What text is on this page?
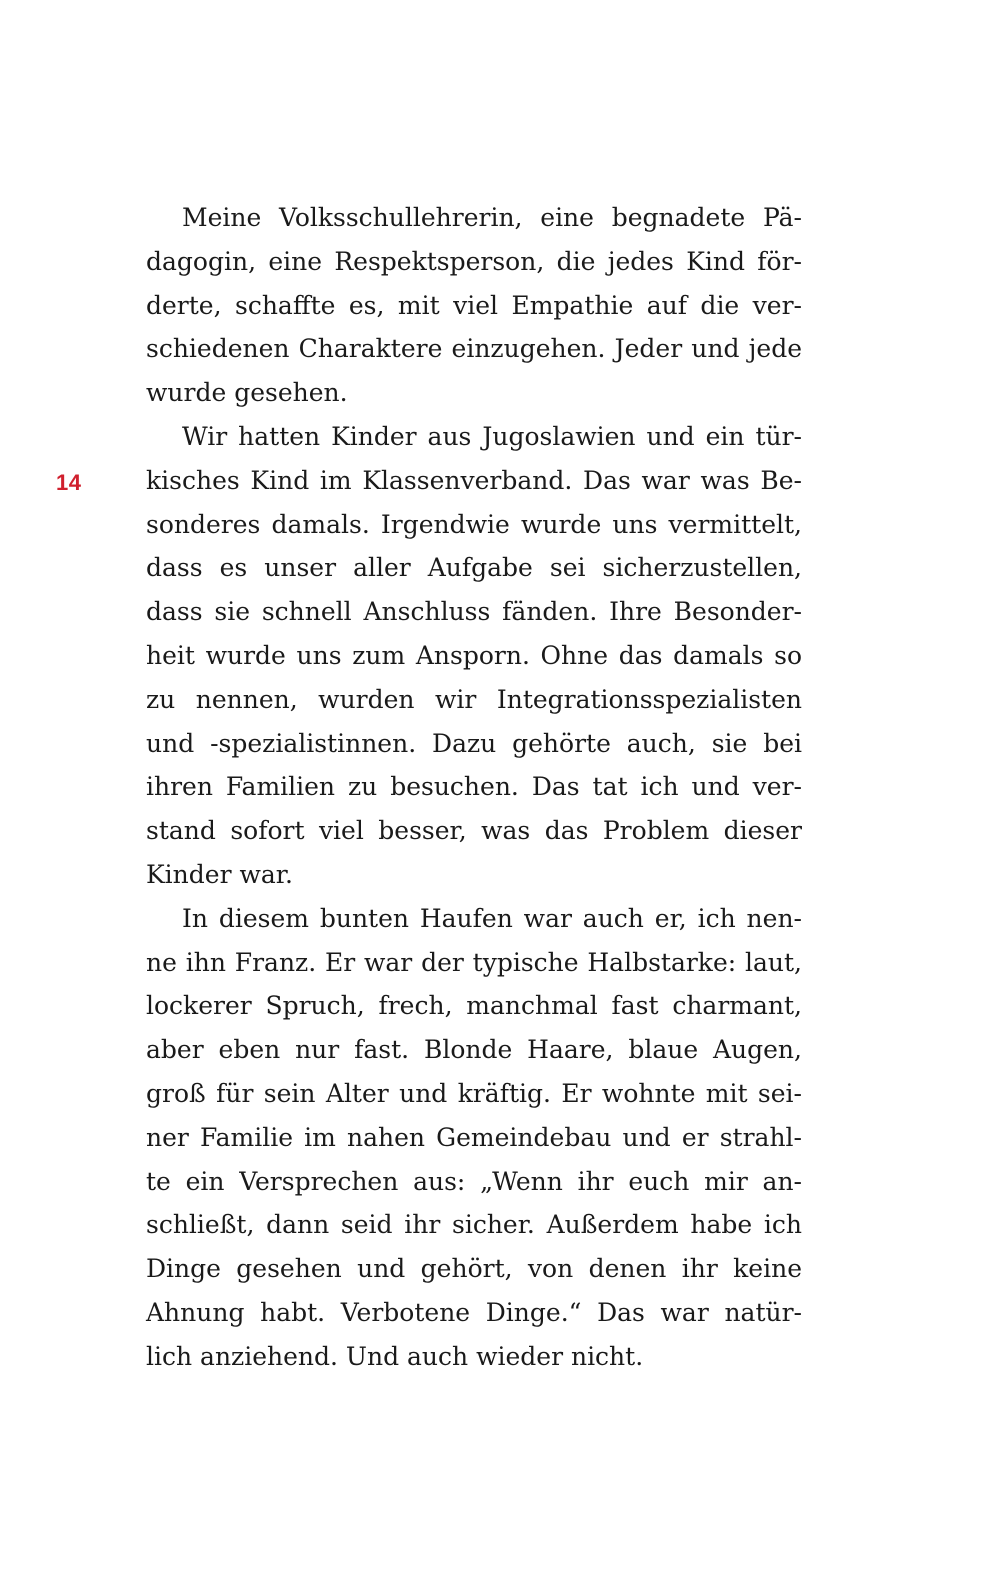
14
Meine Volksschullehrerin, eine begnadete Pä-
dagogin, eine Respektsperson, die jedes Kind för-
derte, schaffte es, mit viel Empathie auf die ver-
schiedenen Charaktere einzugehen. Jeder und jede
wurde gesehen.
Wir hatten Kinder aus Jugoslawien und ein tür-
kisches Kind im Klassenverband. Das war was Be-
sonderes damals. Irgendwie wurde uns vermittelt,
dass es unser aller Aufgabe sei sicherzustellen,
dass sie schnell Anschluss fänden. Ihre Besonder-
heit wurde uns zum Ansporn. Ohne das damals so
zu nennen, wurden wir Integrationsspezialisten
und -spezialistinnen. Dazu gehörte auch, sie bei
ihren Familien zu besuchen. Das tat ich und ver-
stand sofort viel besser, was das Problem dieser
Kinder war.
In diesem bunten Haufen war auch er, ich nen-
ne ihn Franz. Er war der typische Halbstarke: laut,
lockerer Spruch, frech, manchmal fast charmant,
aber eben nur fast. Blonde Haare, blaue Augen,
groß für sein Alter und kräftig. Er wohnte mit sei-
ner Familie im nahen Gemeindebau und er strahl-
te ein Versprechen aus: „Wenn ihr euch mir an-
schließt, dann seid ihr sicher. Außerdem habe ich
Dinge gesehen und gehört, von denen ihr keine
Ahnung habt. Verbotene Dinge.“ Das war natür-
lich anziehend. Und auch wieder nicht.
